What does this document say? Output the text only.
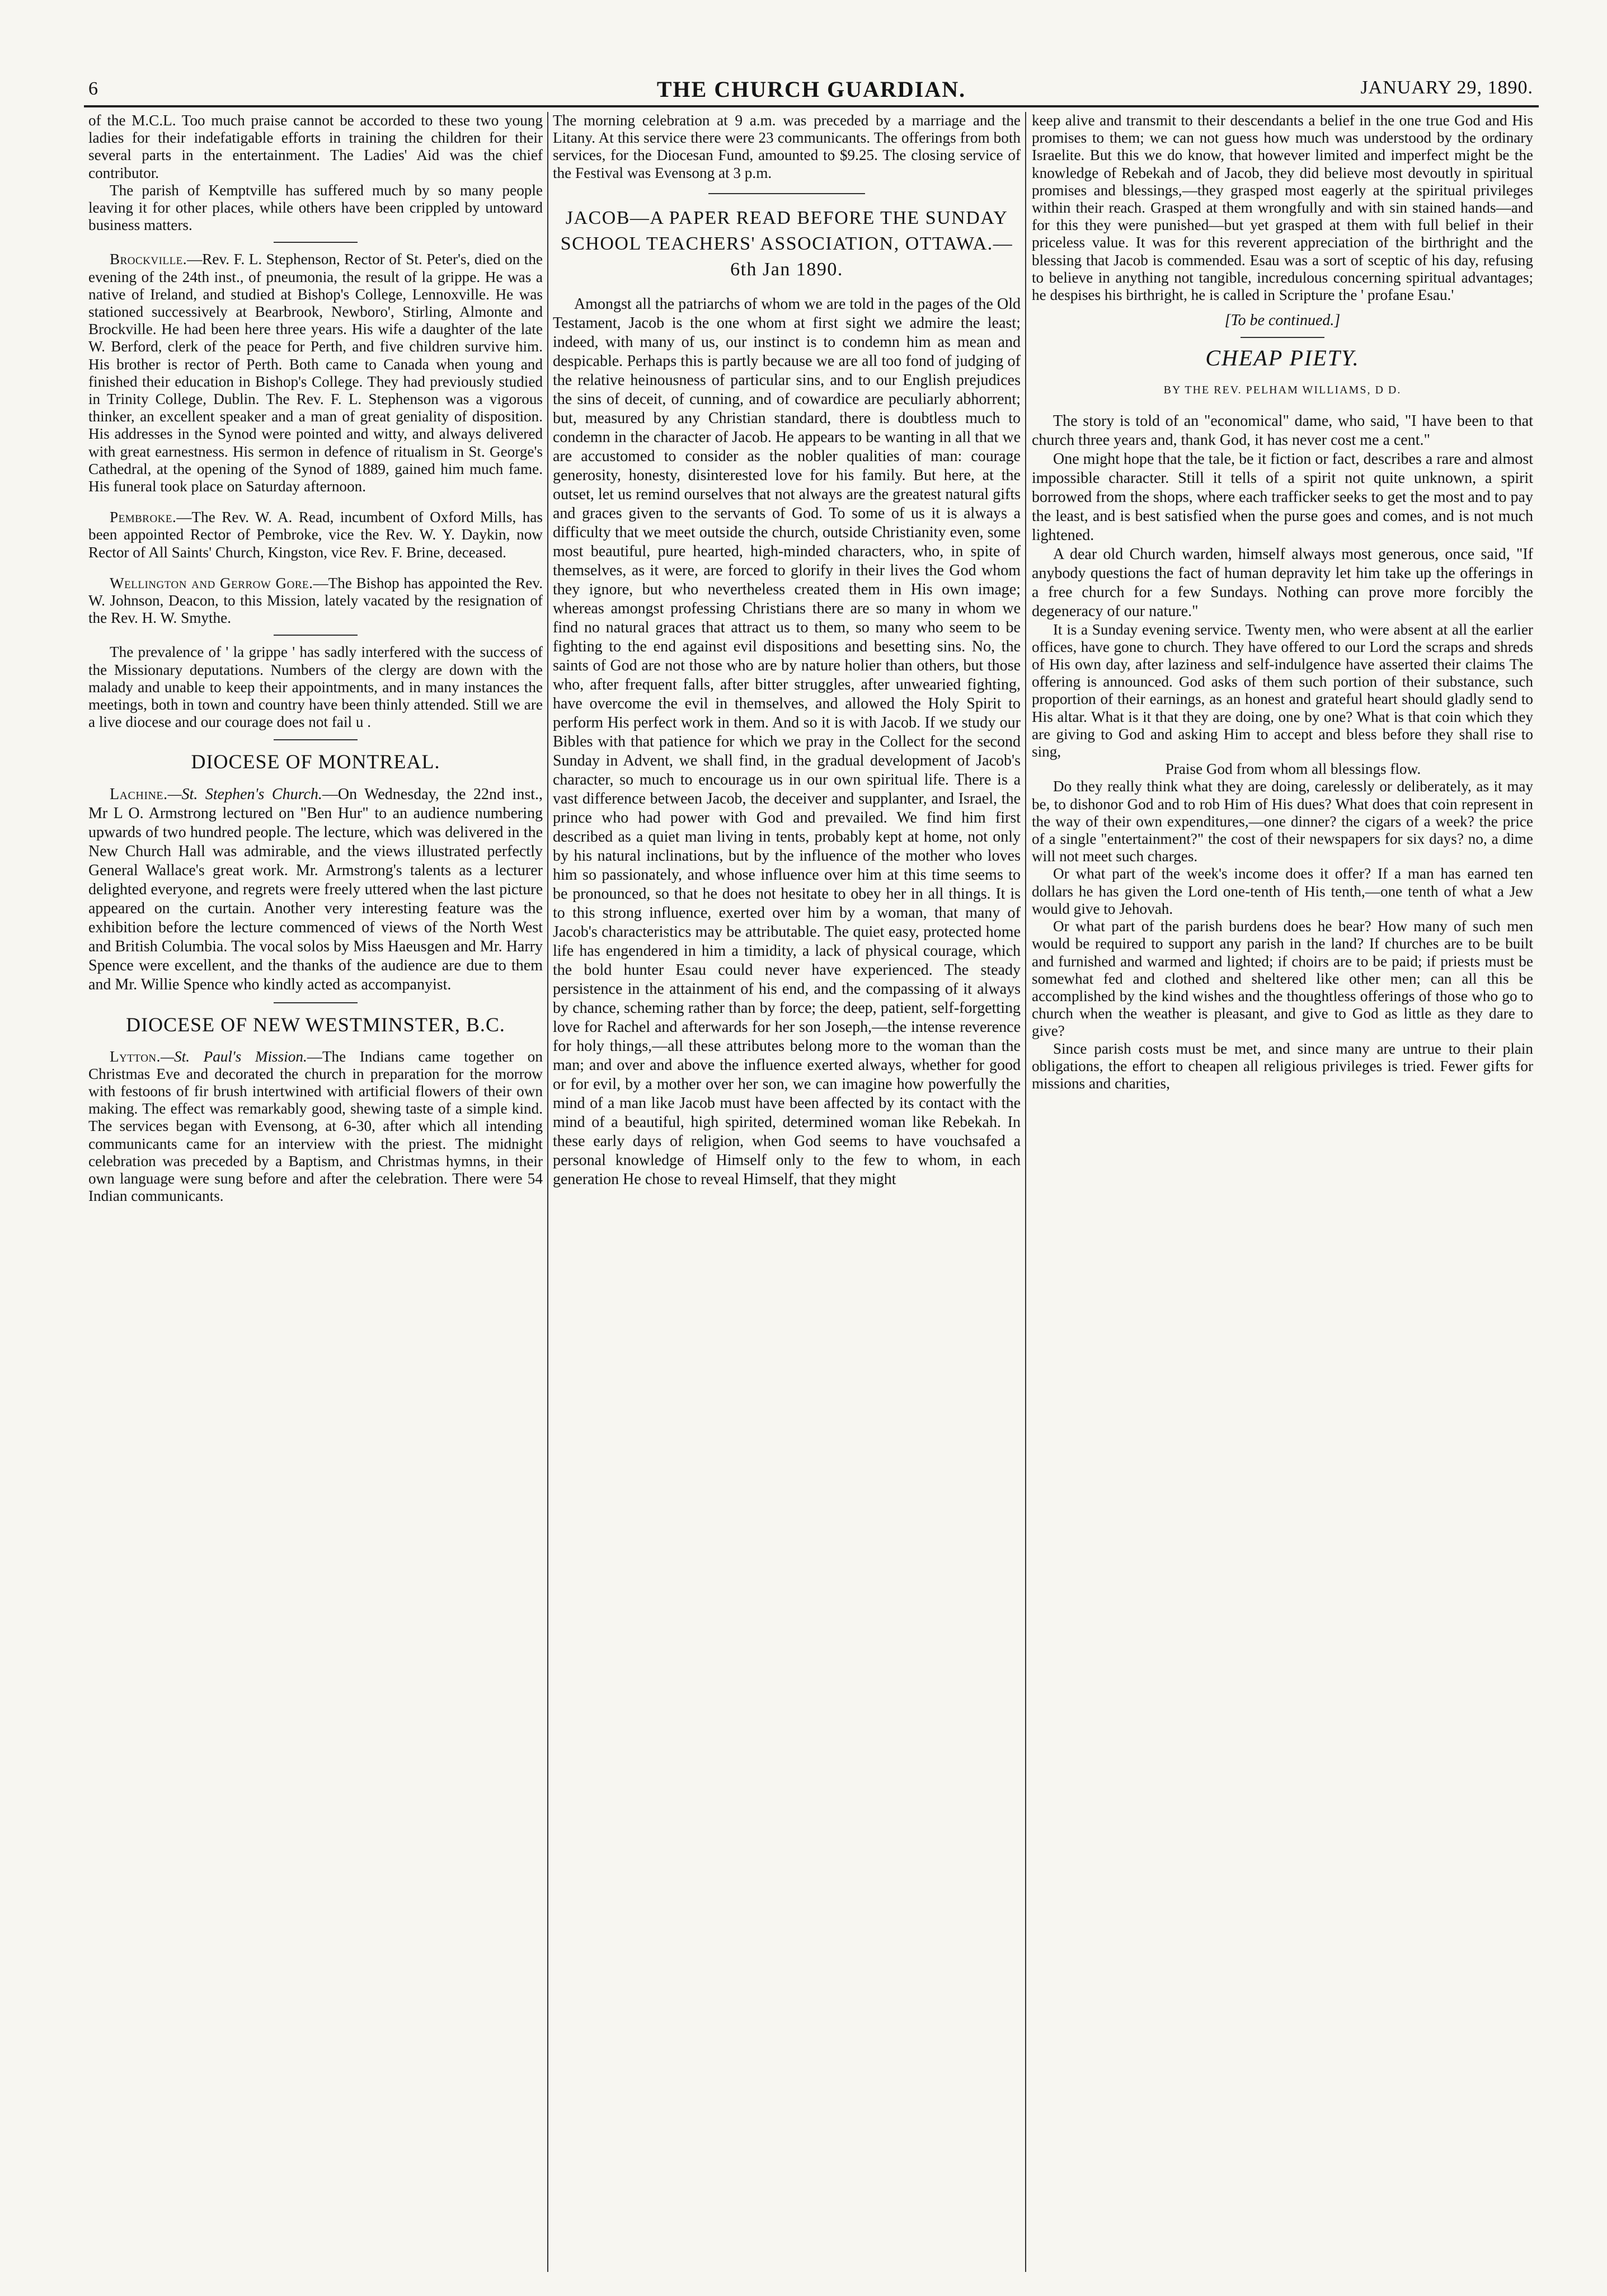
6	THE CHURCH GUARDIAN.	JANUARY 29, 1890.

of the M.C.L. Too much praise cannot be accorded to these two young ladies for their indefatigable efforts in training the children for their several parts in the entertainment. The Ladies' Aid was the chief contributor.

The parish of Kemptville has suffered much by so many people leaving it for other places, while others have been crippled by untoward business matters.

Brockville.—Rev. F. L. Stephenson, Rector of St. Peter's, died on the evening of the 24th inst., of pneumonia, the result of la grippe. He was a native of Ireland, and studied at Bishop's College, Lennoxville. He was stationed successively at Bearbrook, Newboro', Stirling, Almonte and Brockville. He had been here three years. His wife a daughter of the late W. Berford, clerk of the peace for Perth, and five children survive him. His brother is rector of Perth. Both came to Canada when young and finished their education in Bishop's College. They had previously studied in Trinity College, Dublin. The Rev. F. L. Stephenson was a vigorous thinker, an excellent speaker and a man of great geniality of disposition. His addresses in the Synod were pointed and witty, and always delivered with great earnestness. His sermon in defence of ritualism in St. George's Cathedral, at the opening of the Synod of 1889, gained him much fame. His funeral took place on Saturday afternoon.

Pembroke.—The Rev. W. A. Read, incumbent of Oxford Mills, has been appointed Rector of Pembroke, vice the Rev. W. Y. Daykin, now Rector of All Saints' Church, Kingston, vice Rev. F. Brine, deceased.

Wellington and Gerrow Gore.—The Bishop has appointed the Rev. W. Johnson, Deacon, to this Mission, lately vacated by the resignation of the Rev. H. W. Smythe.

The prevalence of ' la grippe ' has sadly interfered with the success of the Missionary deputations. Numbers of the clergy are down with the malady and unable to keep their appointments, and in many instances the meetings, both in town and country have been thinly attended. Still we are a live diocese and our courage does not fail u .

DIOCESE OF MONTREAL.

Lachine.—St. Stephen's Church.—On Wednesday, the 22nd inst., Mr L O. Armstrong lectured on "Ben Hur" to an audience numbering upwards of two hundred people. The lecture, which was delivered in the New Church Hall was admirable, and the views illustrated perfectly General Wallace's great work. Mr. Armstrong's talents as a lecturer delighted everyone, and regrets were freely uttered when the last picture appeared on the curtain. Another very interesting feature was the exhibition before the lecture commenced of views of the North West and British Columbia. The vocal solos by Miss Haeusgen and Mr. Harry Spence were excellent, and the thanks of the audience are due to them and Mr. Willie Spence who kindly acted as accompanyist.

DIOCESE OF NEW WESTMINSTER, B.C.

Lytton.—St. Paul's Mission.—The Indians came together on Christmas Eve and decorated the church in preparation for the morrow with festoons of fir brush intertwined with artificial flowers of their own making. The effect was remarkably good, shewing taste of a simple kind. The services began with Evensong, at 6-30, after which all intending communicants came for an interview with the priest. The midnight celebration was preceded by a Baptism, and Christmas hymns, in their own language were sung before and after the celebration. There were 54 Indian communicants.

The morning celebration at 9 a.m. was preceded by a marriage and the Litany. At this service there were 23 communicants. The offerings from both services, for the Diocesan Fund, amounted to $9.25. The closing service of the Festival was Evensong at 3 p.m.

JACOB—A PAPER READ BEFORE THE SUNDAY SCHOOL TEACHERS' ASSOCIATION, OTTAWA.—6th Jan 1890.

Amongst all the patriarchs of whom we are told in the pages of the Old Testament, Jacob is the one whom at first sight we admire the least; indeed, with many of us, our instinct is to condemn him as mean and despicable. Perhaps this is partly because we are all too fond of judging of the relative heinousness of particular sins, and to our English prejudices the sins of deceit, of cunning, and of cowardice are peculiarly abhorrent; but, measured by any Christian standard, there is doubtless much to condemn in the character of Jacob. He appears to be wanting in all that we are accustomed to consider as the nobler qualities of man: courage generosity, honesty, disinterested love for his family. But here, at the outset, let us remind ourselves that not always are the greatest natural gifts and graces given to the servants of God. To some of us it is always a difficulty that we meet outside the church, outside Christianity even, some most beautiful, pure hearted, high-minded characters, who, in spite of themselves, as it were, are forced to glorify in their lives the God whom they ignore, but who nevertheless created them in His own image; whereas amongst professing Christians there are so many in whom we find no natural graces that attract us to them, so many who seem to be fighting to the end against evil dispositions and besetting sins. No, the saints of God are not those who are by nature holier than others, but those who, after frequent falls, after bitter struggles, after unwearied fighting, have overcome the evil in themselves, and allowed the Holy Spirit to perform His perfect work in them. And so it is with Jacob. If we study our Bibles with that patience for which we pray in the Collect for the second Sunday in Advent, we shall find, in the gradual development of Jacob's character, so much to encourage us in our own spiritual life. There is a vast difference between Jacob, the deceiver and supplanter, and Israel, the prince who had power with God and prevailed. We find him first described as a quiet man living in tents, probably kept at home, not only by his natural inclinations, but by the influence of the mother who loves him so passionately, and whose influence over him at this time seems to be pronounced, so that he does not hesitate to obey her in all things. It is to this strong influence, exerted over him by a woman, that many of Jacob's characteristics may be attributable. The quiet easy, protected home life has engendered in him a timidity, a lack of physical courage, which the bold hunter Esau could never have experienced. The steady persistence in the attainment of his end, and the compassing of it always by chance, scheming rather than by force; the deep, patient, self-forgetting love for Rachel and afterwards for her son Joseph,—the intense reverence for holy things,—all these attributes belong more to the woman than the man; and over and above the influence exerted always, whether for good or for evil, by a mother over her son, we can imagine how powerfully the mind of a man like Jacob must have been affected by its contact with the mind of a beautiful, high spirited, determined woman like Rebekah. In these early days of religion, when God seems to have vouchsafed a personal knowledge of Himself only to the few to whom, in each generation He chose to reveal Himself, that they might

keep alive and transmit to their descendants a belief in the one true God and His promises to them; we can not guess how much was understood by the ordinary Israelite. But this we do know, that however limited and imperfect might be the knowledge of Rebekah and of Jacob, they did believe most devoutly in spiritual promises and blessings,—they grasped most eagerly at the spiritual privileges within their reach. Grasped at them wrongfully and with sin stained hands—and for this they were punished—but yet grasped at them with full belief in their priceless value. It was for this reverent appreciation of the birthright and the blessing that Jacob is commended. Esau was a sort of sceptic of his day, refusing to believe in anything not tangible, incredulous concerning spiritual advantages; he despises his birthright, he is called in Scripture the ' profane Esau.'

[To be continued.]
CHEAP PIETY.
BY THE REV. PELHAM WILLIAMS, D D.

The story is told of an "economical" dame, who said, "I have been to that church three years and, thank God, it has never cost me a cent."

One might hope that the tale, be it fiction or fact, describes a rare and almost impossible character. Still it tells of a spirit not quite unknown, a spirit borrowed from the shops, where each trafficker seeks to get the most and to pay the least, and is best satisfied when the purse goes and comes, and is not much lightened.

A dear old Church warden, himself always most generous, once said, "If anybody questions the fact of human depravity let him take up the offerings in a free church for a few Sundays. Nothing can prove more forcibly the degeneracy of our nature."

It is a Sunday evening service. Twenty men, who were absent at all the earlier offices, have gone to church. They have offered to our Lord the scraps and shreds of His own day, after laziness and self-indulgence have asserted their claims The offering is announced. God asks of them such portion of their substance, such proportion of their earnings, as an honest and grateful heart should gladly send to His altar. What is it that they are doing, one by one? What is that coin which they are giving to God and asking Him to accept and bless before they shall rise to sing,

Praise God from whom all blessings flow.

Do they really think what they are doing, carelessly or deliberately, as it may be, to dishonor God and to rob Him of His dues? What does that coin represent in the way of their own expenditures,—one dinner? the cigars of a week? the price of a single "entertainment?" the cost of their newspapers for six days? no, a dime will not meet such charges.

Or what part of the week's income does it offer? If a man has earned ten dollars he has given the Lord one-tenth of His tenth,—one tenth of what a Jew would give to Jehovah.

Or what part of the parish burdens does he bear? How many of such men would be required to support any parish in the land? If churches are to be built and furnished and warmed and lighted; if choirs are to be paid; if priests must be somewhat fed and clothed and sheltered like other men; can all this be accomplished by the kind wishes and the thoughtless offerings of those who go to church when the weather is pleasant, and give to God as little as they dare to give?

Since parish costs must be met, and since many are untrue to their plain obligations, the effort to cheapen all religious privileges is tried. Fewer gifts for missions and charities,
